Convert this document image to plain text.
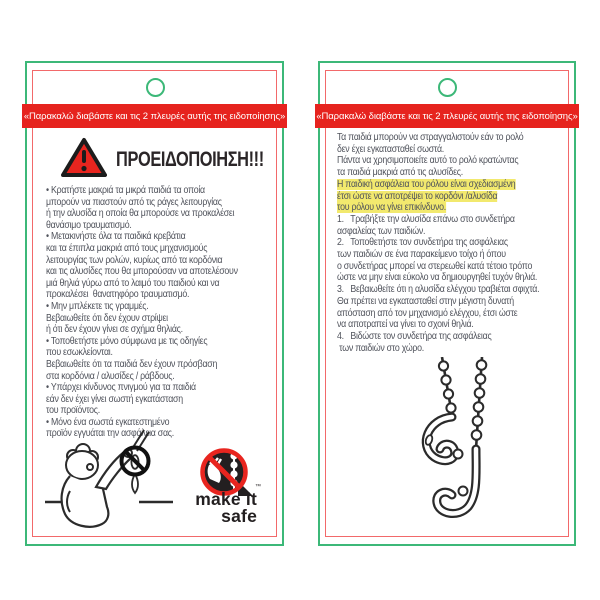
«Παρακαλώ διαβάστε και τις 2 πλευρές αυτής της ειδοποίησης»
ΠΡΟΕΙΔΟΠΟΙΗΣΗ!!!
• Κρατήστε μακριά τα μικρά παιδιά τα οποία
μπορούν να πιαστούν από τις ράγες λειτουργίας
ή την αλυσίδα η οποία θα μπορούσε να προκαλέσει
θανάσιμο τραυματισμό.
• Μετακινήστε όλα τα παιδικά κρεβάτια
και τα έπιπλα μακριά από τους μηχανισμούς
λειτουργίας των ρολών, κυρίως από τα κορδόνια
και τις αλυσίδες που θα μπορούσαν να αποτελέσουν
μιά θηλιά γύρω από το λαιμό του παιδιού και να
προκαλέσει  θανατηφόρο τραυματισμό.
• Μην μπλέκετε τις γραμμές.
Βεβαιωθείτε ότι δεν έχουν στρίψει
ή ότι δεν έχουν γίνει σε σχήμα θηλιάς.
• Τοποθετήστε μόνο σύμφωνα με τις οδηγίες
που εσωκλείονται.
Βεβαιωθείτε ότι τα παιδιά δεν έχουν πρόσβαση
στα κορδόνια / αλυσίδες / ράβδους.
• Υπάρχει κίνδυνος πνιγμού για τα παιδιά
εάν δεν έχει γίνει σωστή εγκατάσταση
του προϊόντος.
• Μόνο ένα σωστά εγκατεστημένο
προϊόν εγγυάται την ασφάλεια σας.
™
make it
safe
«Παρακαλώ διαβάστε και τις 2 πλευρές αυτής της ειδοποίησης»
Τα παιδιά μπορούν να στραγγαλιστούν εάν το ρολό
δεν έχει εγκατασταθεί σωστά.
Πάντα να χρησιμοποιείτε αυτό το ρολό κρατώντας
τα παιδιά μακριά από τις αλυσίδες.
Η παιδική ασφάλεια του ρόλου είναι σχεδιασμένη
έτσι ώστε να αποτρέψει το κορδόνι /αλυσίδα
του ρόλου να γίνει επικίνδυνο.
1.   Τραβήξτε την αλυσίδα επάνω στο συνδετήρα
ασφαλείας των παιδιών.
2.   Τοποθετήστε τον συνδετήρα της ασφάλειας
των παιδιών σε ένα παρακείμενο τοίχο ή όπου
ο συνδετήρας μπορεί να στερεωθεί κατά τέτοιο τρόπο
ώστε να μην είναι εύκολο να δημιουργηθεί τυχόν θηλιά.
3.   Βεβαιωθείτε ότι η αλυσίδα ελέγχου τραβιέται σφιχτά.
Θα πρέπει να εγκατασταθεί στην μέγιστη δυνατή
απόσταση από τον μηχανισμό ελέγχου, έτσι ώστε
να αποτραπεί να γίνει το σχοινί θηλιά.
4.   Βιδώστε τον συνδετήρα της ασφάλειας
των παιδιών στο χώρο.
